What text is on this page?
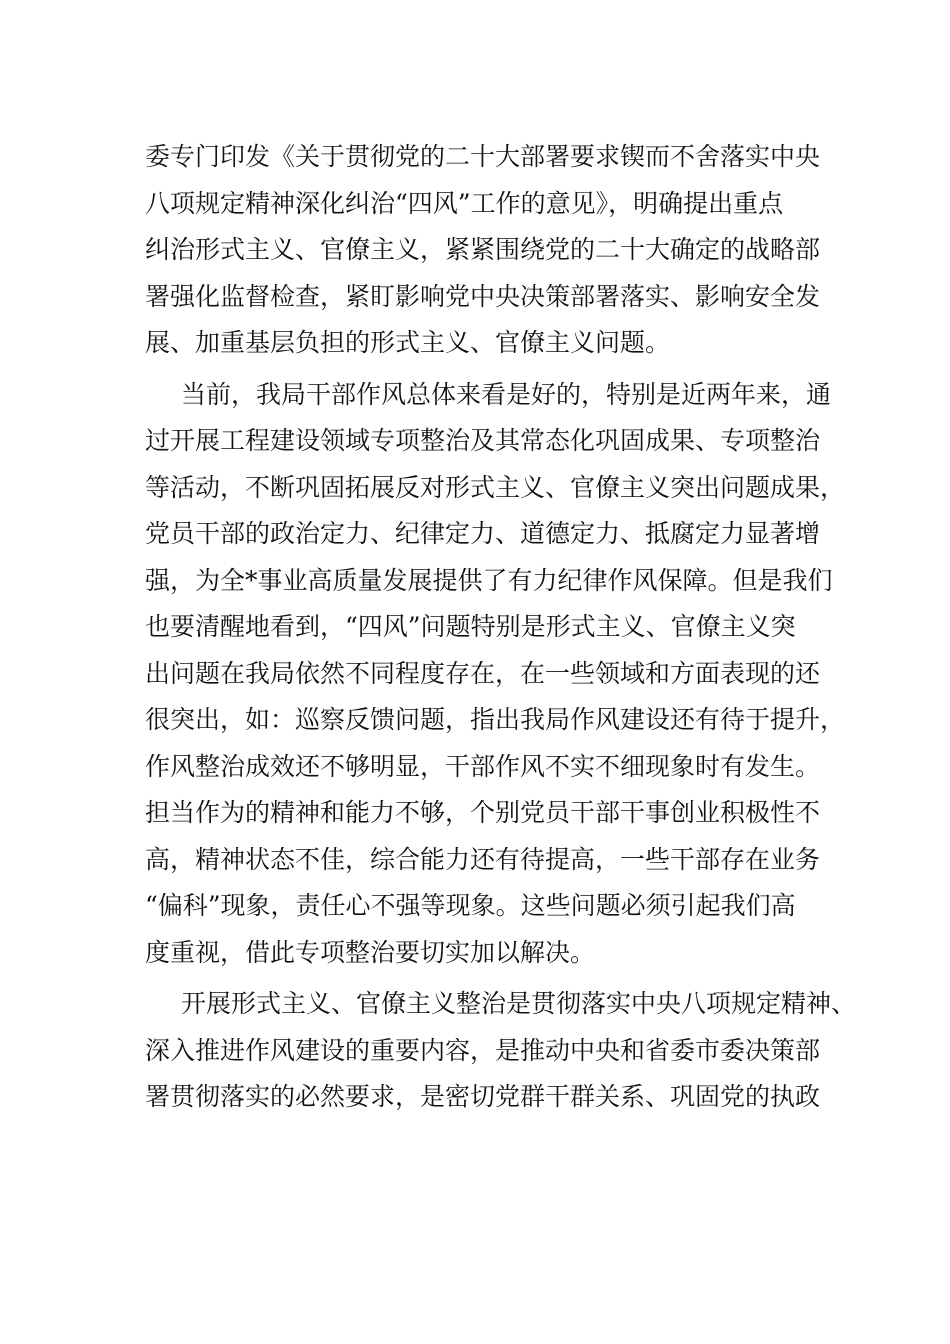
委专门印发《关于贯彻党的二十大部署要求锲而不舍落实中央
八项规定精神深化纠治“四风”工作的意见》，明确提出重点
纠治形式主义、官僚主义，紧紧围绕党的二十大确定的战略部
署强化监督检查，紧盯影响党中央决策部署落实、影响安全发
展、加重基层负担的形式主义、官僚主义问题。
当前，我局干部作风总体来看是好的，特别是近两年来，通
过开展工程建设领域专项整治及其常态化巩固成果、专项整治
等活动，不断巩固拓展反对形式主义、官僚主义突出问题成果，
党员干部的政治定力、纪律定力、道德定力、抵腐定力显著增
强，为全*事业高质量发展提供了有力纪律作风保障。但是我们
也要清醒地看到，“四风”问题特别是形式主义、官僚主义突
出问题在我局依然不同程度存在，在一些领域和方面表现的还
很突出，如：巡察反馈问题，指出我局作风建设还有待于提升，
作风整治成效还不够明显，干部作风不实不细现象时有发生。
担当作为的精神和能力不够，个别党员干部干事创业积极性不
高，精神状态不佳，综合能力还有待提高，一些干部存在业务
“偏科”现象，责任心不强等现象。这些问题必须引起我们高
度重视，借此专项整治要切实加以解决。
开展形式主义、官僚主义整治是贯彻落实中央八项规定精神、
深入推进作风建设的重要内容，是推动中央和省委市委决策部
署贯彻落实的必然要求，是密切党群干群关系、巩固党的执政
